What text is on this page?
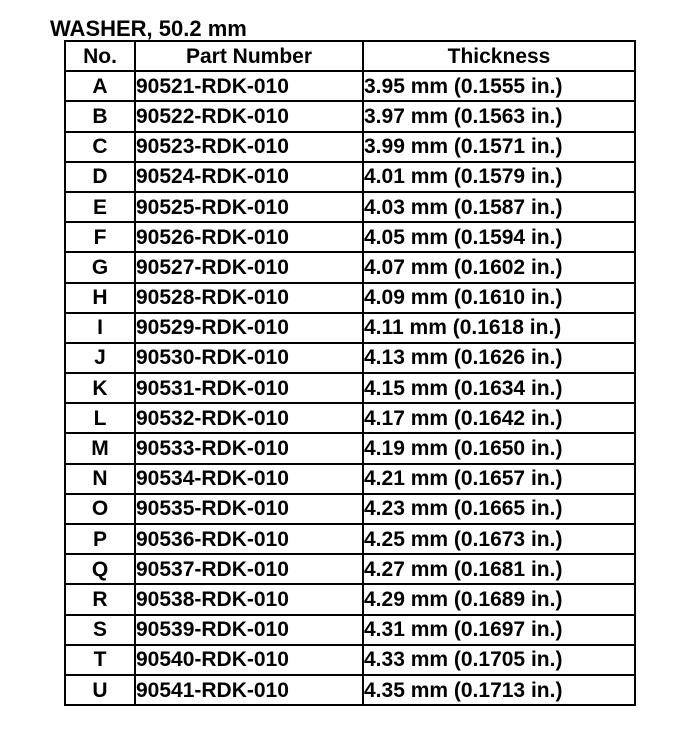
WASHER, 50.2 mm
No.	Part Number	Thickness
A	90521-RDK-010	3.95 mm (0.1555 in.)
B	90522-RDK-010	3.97 mm (0.1563 in.)
C	90523-RDK-010	3.99 mm (0.1571 in.)
D	90524-RDK-010	4.01 mm (0.1579 in.)
E	90525-RDK-010	4.03 mm (0.1587 in.)
F	90526-RDK-010	4.05 mm (0.1594 in.)
G	90527-RDK-010	4.07 mm (0.1602 in.)
H	90528-RDK-010	4.09 mm (0.1610 in.)
I	90529-RDK-010	4.11 mm (0.1618 in.)
J	90530-RDK-010	4.13 mm (0.1626 in.)
K	90531-RDK-010	4.15 mm (0.1634 in.)
L	90532-RDK-010	4.17 mm (0.1642 in.)
M	90533-RDK-010	4.19 mm (0.1650 in.)
N	90534-RDK-010	4.21 mm (0.1657 in.)
O	90535-RDK-010	4.23 mm (0.1665 in.)
P	90536-RDK-010	4.25 mm (0.1673 in.)
Q	90537-RDK-010	4.27 mm (0.1681 in.)
R	90538-RDK-010	4.29 mm (0.1689 in.)
S	90539-RDK-010	4.31 mm (0.1697 in.)
T	90540-RDK-010	4.33 mm (0.1705 in.)
U	90541-RDK-010	4.35 mm (0.1713 in.)
